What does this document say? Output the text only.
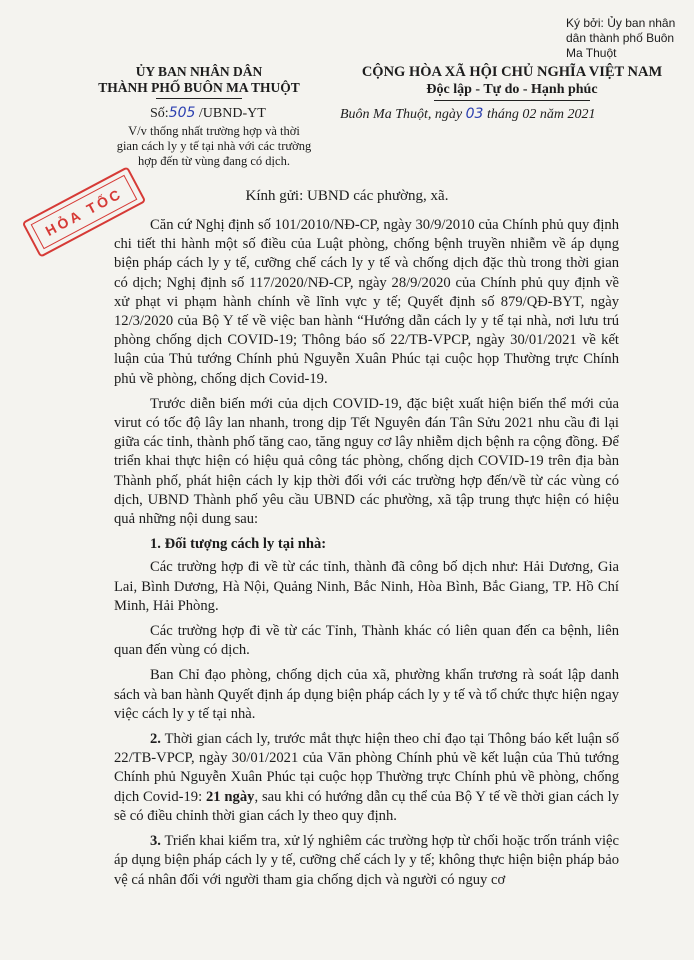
Ký bởi: Ủy ban nhân
dân thành phố Buôn
Ma Thuột
ỦY BAN NHÂN DÂN
THÀNH PHỐ BUÔN MA THUỘT
CỘNG HÒA XÃ HỘI CHỦ NGHĨA VIỆT NAM
Độc lập - Tự do - Hạnh phúc
Số:505 /UBND-YT
V/v thống nhất trường hợp và thời
gian cách ly y tế tại nhà với các trường
hợp đến từ vùng đang có dịch.
Buôn Ma Thuột, ngày 03 tháng 02 năm 2021
HỎA TỐC	Kính gửi: UBND các phường, xã.

Căn cứ Nghị định số 101/2010/NĐ-CP, ngày 30/9/2010 của Chính phủ quy định chi tiết thi hành một số điều của Luật phòng, chống bệnh truyền nhiễm về áp dụng biện pháp cách ly y tế, cưỡng chế cách ly y tế và chống dịch đặc thù trong thời gian có dịch; Nghị định số 117/2020/NĐ-CP, ngày 28/9/2020 của Chính phủ quy định về xử phạt vi phạm hành chính về lĩnh vực y tế; Quyết định số 879/QĐ-BYT, ngày 12/3/2020 của Bộ Y tế về việc ban hành “Hướng dẫn cách ly y tế tại nhà, nơi lưu trú phòng chống dịch COVID-19; Thông báo số 22/TB-VPCP, ngày 30/01/2021 về kết luận của Thủ tướng Chính phủ Nguyễn Xuân Phúc tại cuộc họp Thường trực Chính phủ về phòng, chống dịch Covid-19.

Trước diễn biến mới của dịch COVID-19, đặc biệt xuất hiện biến thể mới của virut có tốc độ lây lan nhanh, trong dịp Tết Nguyên đán Tân Sửu 2021 nhu cầu đi lại giữa các tỉnh, thành phố tăng cao, tăng nguy cơ lây nhiễm dịch bệnh ra cộng đồng. Để triển khai thực hiện có hiệu quả công tác phòng, chống dịch COVID-19 trên địa bàn Thành phố, phát hiện cách ly kịp thời đối với các trường hợp đến/về từ các vùng có dịch, UBND Thành phố yêu cầu UBND các phường, xã tập trung thực hiện có hiệu quả những nội dung sau:

1. Đối tượng cách ly tại nhà:

Các trường hợp đi về từ các tỉnh, thành đã công bố dịch như: Hải Dương, Gia Lai, Bình Dương, Hà Nội, Quảng Ninh, Bắc Ninh, Hòa Bình, Bắc Giang, TP. Hồ Chí Minh, Hải Phòng.

Các trường hợp đi về từ các Tỉnh, Thành khác có liên quan đến ca bệnh, liên quan đến vùng có dịch.

Ban Chỉ đạo phòng, chống dịch của xã, phường khẩn trương rà soát lập danh sách và ban hành Quyết định áp dụng biện pháp cách ly y tế và tổ chức thực hiện ngay việc cách ly y tế tại nhà.

2. Thời gian cách ly, trước mắt thực hiện theo chỉ đạo tại Thông báo kết luận số 22/TB-VPCP, ngày 30/01/2021 của Văn phòng Chính phủ về kết luận của Thủ tướng Chính phủ Nguyễn Xuân Phúc tại cuộc họp Thường trực Chính phủ về phòng, chống dịch Covid-19: 21 ngày, sau khi có hướng dẫn cụ thể của Bộ Y tế về thời gian cách ly sẽ có điều chỉnh thời gian cách ly theo quy định.

3. Triển khai kiểm tra, xử lý nghiêm các trường hợp từ chối hoặc trốn tránh việc áp dụng biện pháp cách ly y tế, cưỡng chế cách ly y tế; không thực hiện biện pháp bảo vệ cá nhân đối với người tham gia chống dịch và người có nguy cơ
